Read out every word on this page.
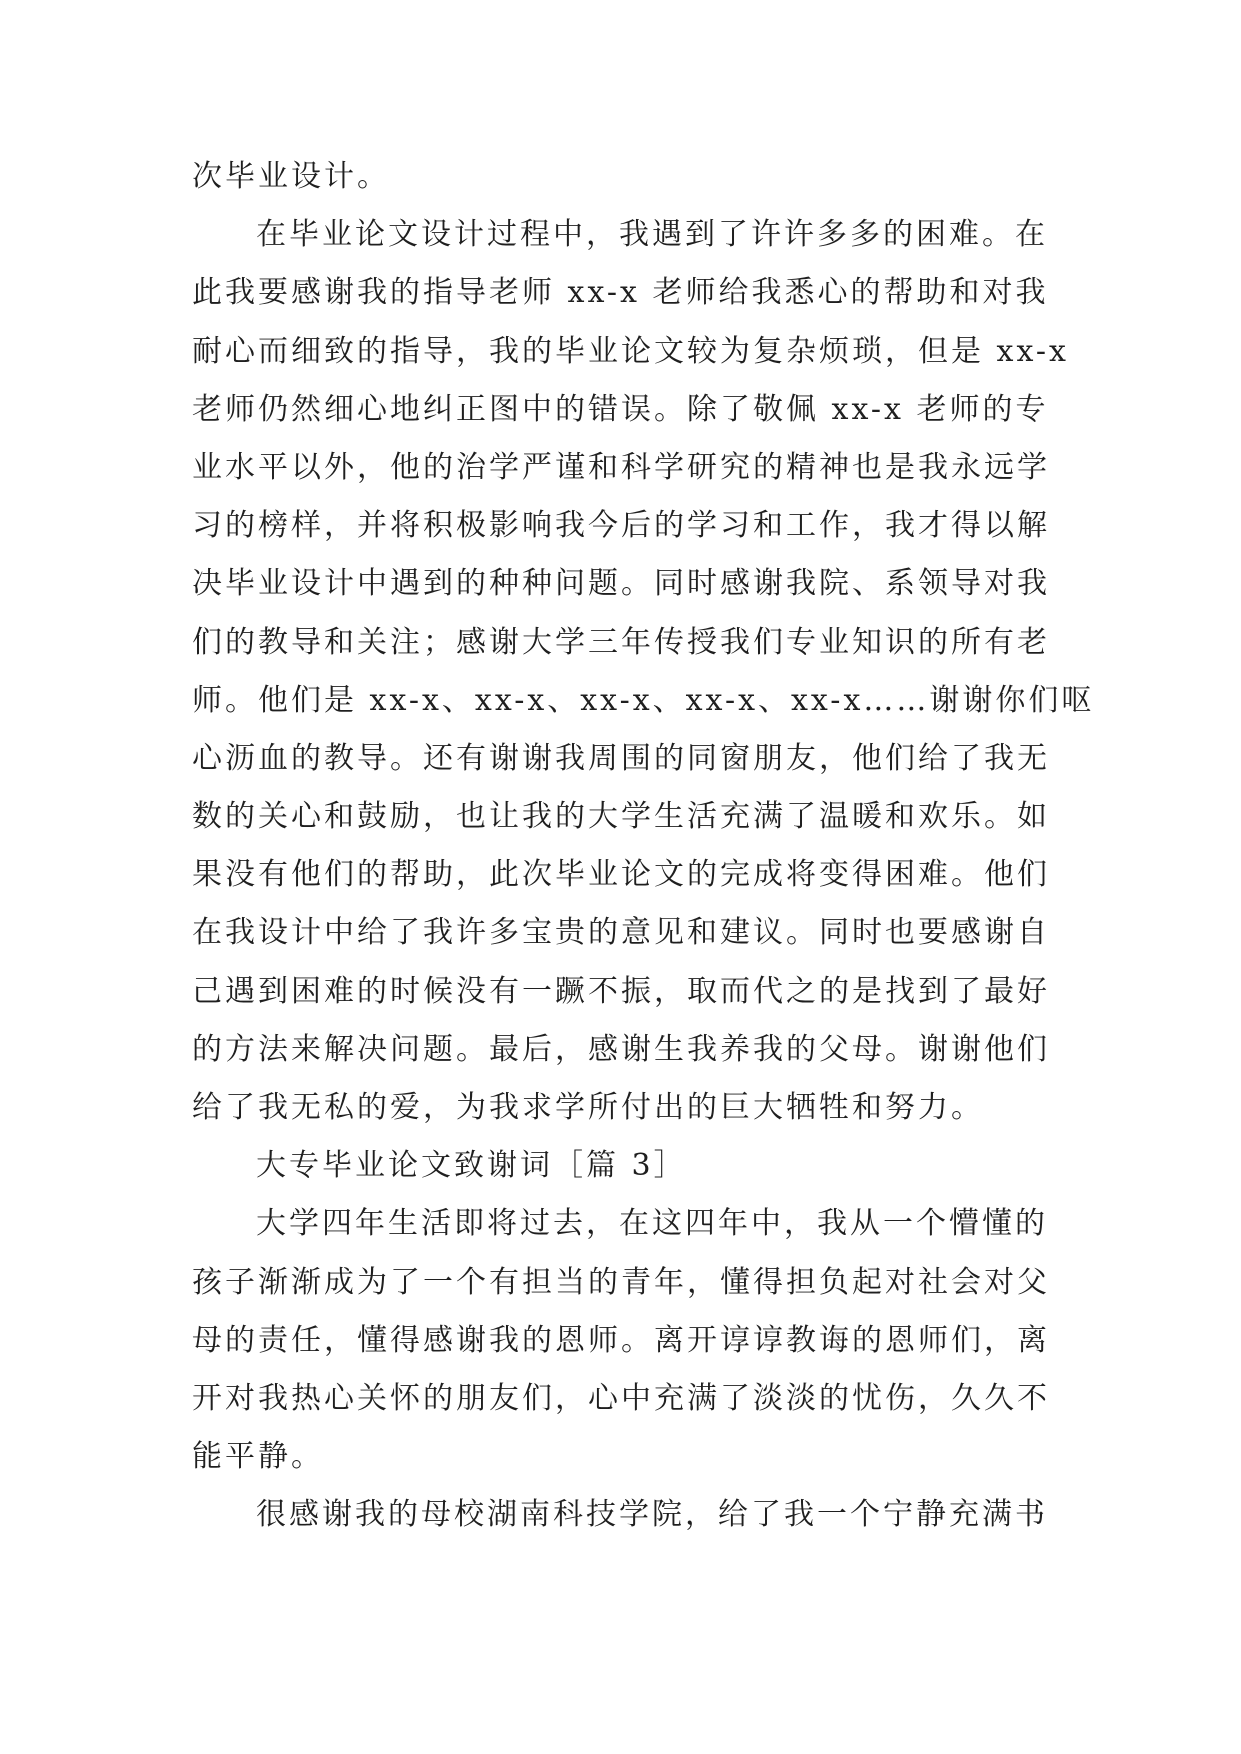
次毕业设计。
在毕业论文设计过程中，我遇到了许许多多的困难。在
此我要感谢我的指导老师 xx-x 老师给我悉心的帮助和对我
耐心而细致的指导，我的毕业论文较为复杂烦琐，但是 xx-x
老师仍然细心地纠正图中的错误。除了敬佩 xx-x 老师的专
业水平以外，他的治学严谨和科学研究的精神也是我永远学
习的榜样，并将积极影响我今后的学习和工作，我才得以解
决毕业设计中遇到的种种问题。同时感谢我院、系领导对我
们的教导和关注；感谢大学三年传授我们专业知识的所有老
师。他们是 xx-x、xx-x、xx-x、xx-x、xx-x……谢谢你们呕
心沥血的教导。还有谢谢我周围的同窗朋友，他们给了我无
数的关心和鼓励，也让我的大学生活充满了温暖和欢乐。如
果没有他们的帮助，此次毕业论文的完成将变得困难。他们
在我设计中给了我许多宝贵的意见和建议。同时也要感谢自
己遇到困难的时候没有一蹶不振，取而代之的是找到了最好
的方法来解决问题。最后，感谢生我养我的父母。谢谢他们
给了我无私的爱，为我求学所付出的巨大牺牲和努力。
大专毕业论文致谢词［篇 3］
大学四年生活即将过去，在这四年中，我从一个懵懂的
孩子渐渐成为了一个有担当的青年，懂得担负起对社会对父
母的责任，懂得感谢我的恩师。离开谆谆教诲的恩师们，离
开对我热心关怀的朋友们，心中充满了淡淡的忧伤，久久不
能平静。
很感谢我的母校湖南科技学院，给了我一个宁静充满书
